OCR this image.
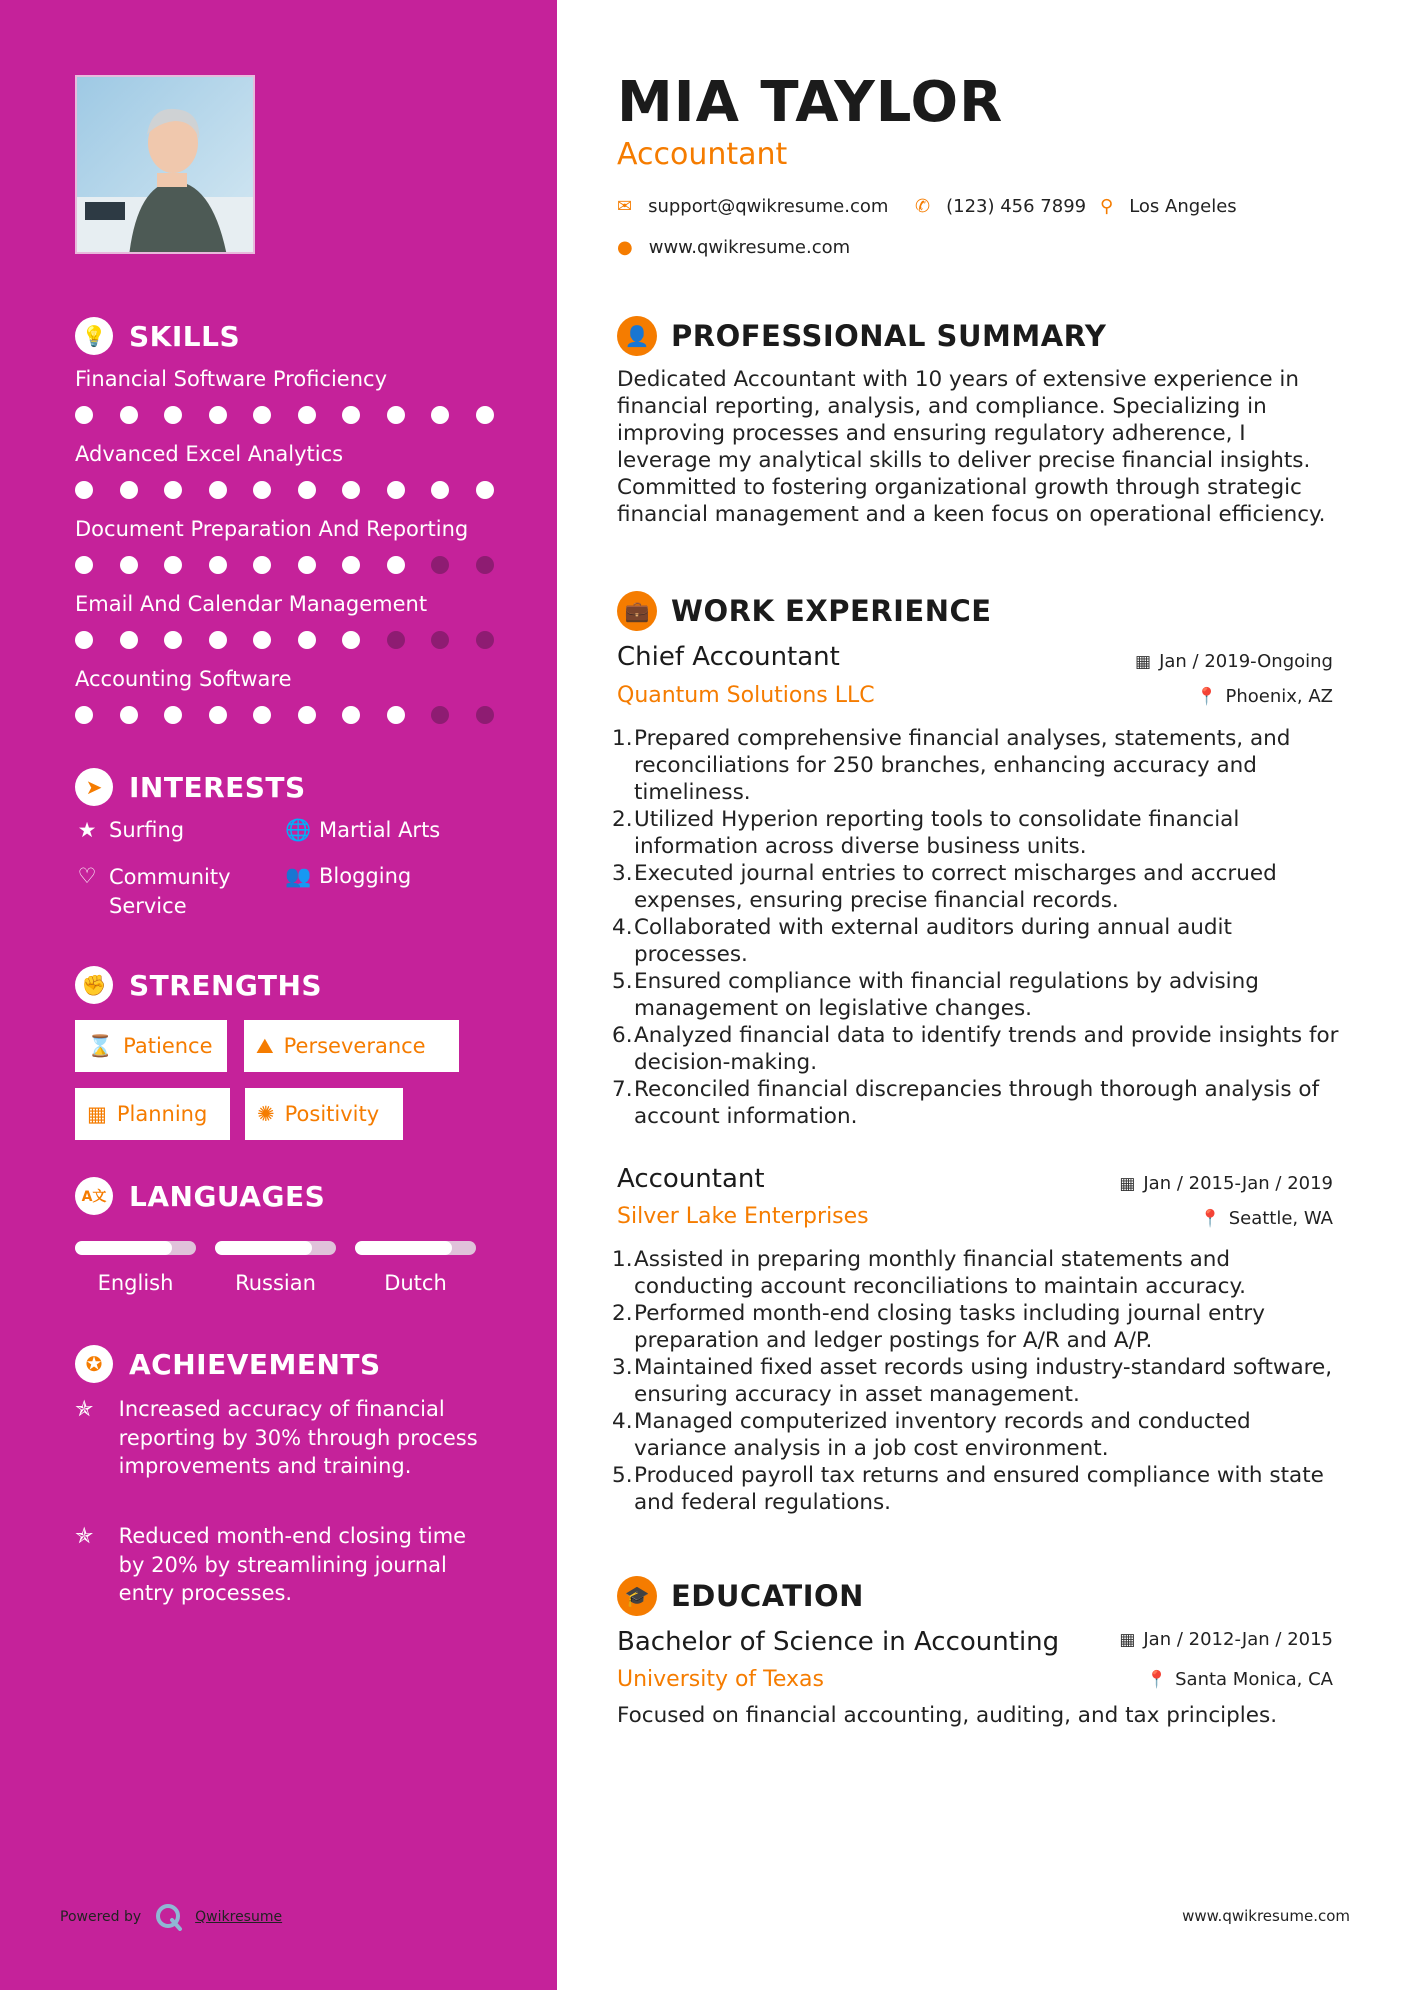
💡 SKILLS
Financial Software Proficiency
Advanced Excel Analytics
Document Preparation And Reporting
Email And Calendar Management
Accounting Software
➤ INTERESTS
★ Surfing	🌐 Martial Arts
♡ Community Service
👥 Blogging
✊ STRENGTHS
⌛ Patience ⛰ Perseverance
▦ Planning ✺ Positivity
A文 LANGUAGES
English	Russian	Dutch
✪ ACHIEVEMENTS
✯	Increased accuracy of financial reporting by 30% through process improvements and training.

✯	Reduced month-end closing time by 20% by streamlining journal entry processes.

Powered by	Qwikresume
MIA TAYLOR
Accountant
✉ support@qwikresume.com ✆ (123) 456 7899 ⚲ Los Angeles
● www.qwikresume.com
👤 PROFESSIONAL SUMMARY

Dedicated Accountant with 10 years of extensive experience in financial reporting, analysis, and compliance. Specializing in improving processes and ensuring regulatory adherence, I leverage my analytical skills to deliver precise financial insights. Committed to fostering organizational growth through strategic financial management and a keen focus on operational efficiency.

💼 WORK EXPERIENCE
Chief Accountant	▦ Jan / 2019-Ongoing
Quantum Solutions LLC	📍 Phoenix, AZ
Prepared comprehensive financial analyses, statements, and reconciliations for 250 branches, enhancing accuracy and timeliness.
Utilized Hyperion reporting tools to consolidate financial information across diverse business units.
Executed journal entries to correct mischarges and accrued expenses, ensuring precise financial records.
Collaborated with external auditors during annual audit processes.
Ensured compliance with financial regulations by advising management on legislative changes.
Analyzed financial data to identify trends and provide insights for decision-making.
Reconciled financial discrepancies through thorough analysis of account information.
Accountant	▦ Jan / 2015-Jan / 2019
Silver Lake Enterprises	📍 Seattle, WA
Assisted in preparing monthly financial statements and conducting account reconciliations to maintain accuracy.
Performed month-end closing tasks including journal entry preparation and ledger postings for A/R and A/P.
Maintained fixed asset records using industry-standard software, ensuring accuracy in asset management.
Managed computerized inventory records and conducted variance analysis in a job cost environment.
Produced payroll tax returns and ensured compliance with state and federal regulations.
🎓 EDUCATION
Bachelor of Science in Accounting	▦ Jan / 2012-Jan / 2015
University of Texas	📍 Santa Monica, CA
Focused on financial accounting, auditing, and tax principles.
www.qwikresume.com
